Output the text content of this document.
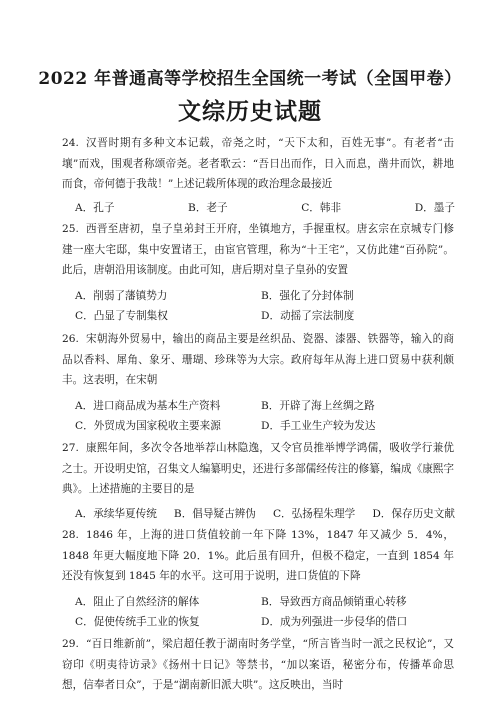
2022 年普通高等学校招生全国统一考试（全国甲卷）
文综历史试题
24. 汉晋时期有多种文本记载，帝尧之时，“天下太和，百姓无事”。有老者“击壤”而戏，围观者称颂帝尧。老者歌云：“吾日出而作，日入而息，凿井而饮，耕地而食，帝何德于我哉！”上述记载所体现的政治理念最接近
A．孔子	B．老子	C．韩非	D．墨子
25. 西晋至唐初，皇子皇弟封王开府，坐镇地方，手握重权。唐玄宗在京城专门修建一座大宅邸，集中安置诸王，由宦官管理，称为“十王宅”，又仿此建“百孙院”。此后，唐朝沿用该制度。由此可知，唐后期对皇子皇孙的安置
A．削弱了藩镇势力	B．强化了分封体制
C．凸显了专制集权	D．动摇了宗法制度
26. 宋朝海外贸易中，输出的商品主要是丝织品、瓷器、漆器、铁器等，输入的商品以香料、犀角、象牙、珊瑚、珍珠等为大宗。政府每年从海上进口贸易中获利颇丰。这表明，在宋朝
A．进口商品成为基本生产资料	B．开辟了海上丝绸之路
C．外贸成为国家税收主要来源	D．手工业生产较为发达
27. 康熙年间，多次令各地举荐山林隐逸，又令官员推举博学鸿儒，吸收学行兼优之士。开设明史馆，召集文人编纂明史，还进行多部儒经传注的修纂，编成《康熙字典》。上述措施的主要目的是
A．承续华夏传统 B．倡导疑古辨伪 C．弘扬程朱理学 D．保存历史文献
28. 1846 年，上海的进口货值较前一年下降 13%，1847 年又减少 5．4%，1848 年更大幅度地下降 20．1%。此后虽有回升，但极不稳定，一直到 1854 年还没有恢复到 1845 年的水平。这可用于说明，进口货值的下降
A．阻止了自然经济的解体	B．导致西方商品倾销重心转移
C．促使传统手工业的恢复	D．成为列强进一步侵华的借口
29. “百日维新前”，梁启超任教于湖南时务学堂，“所言皆当时一派之民权论”，又窃印《明夷待访录》《扬州十日记》等禁书，“加以案语，秘密分布，传播革命思想，信奉者日众”，于是“湖南新旧派大哄”。这反映出，当时
